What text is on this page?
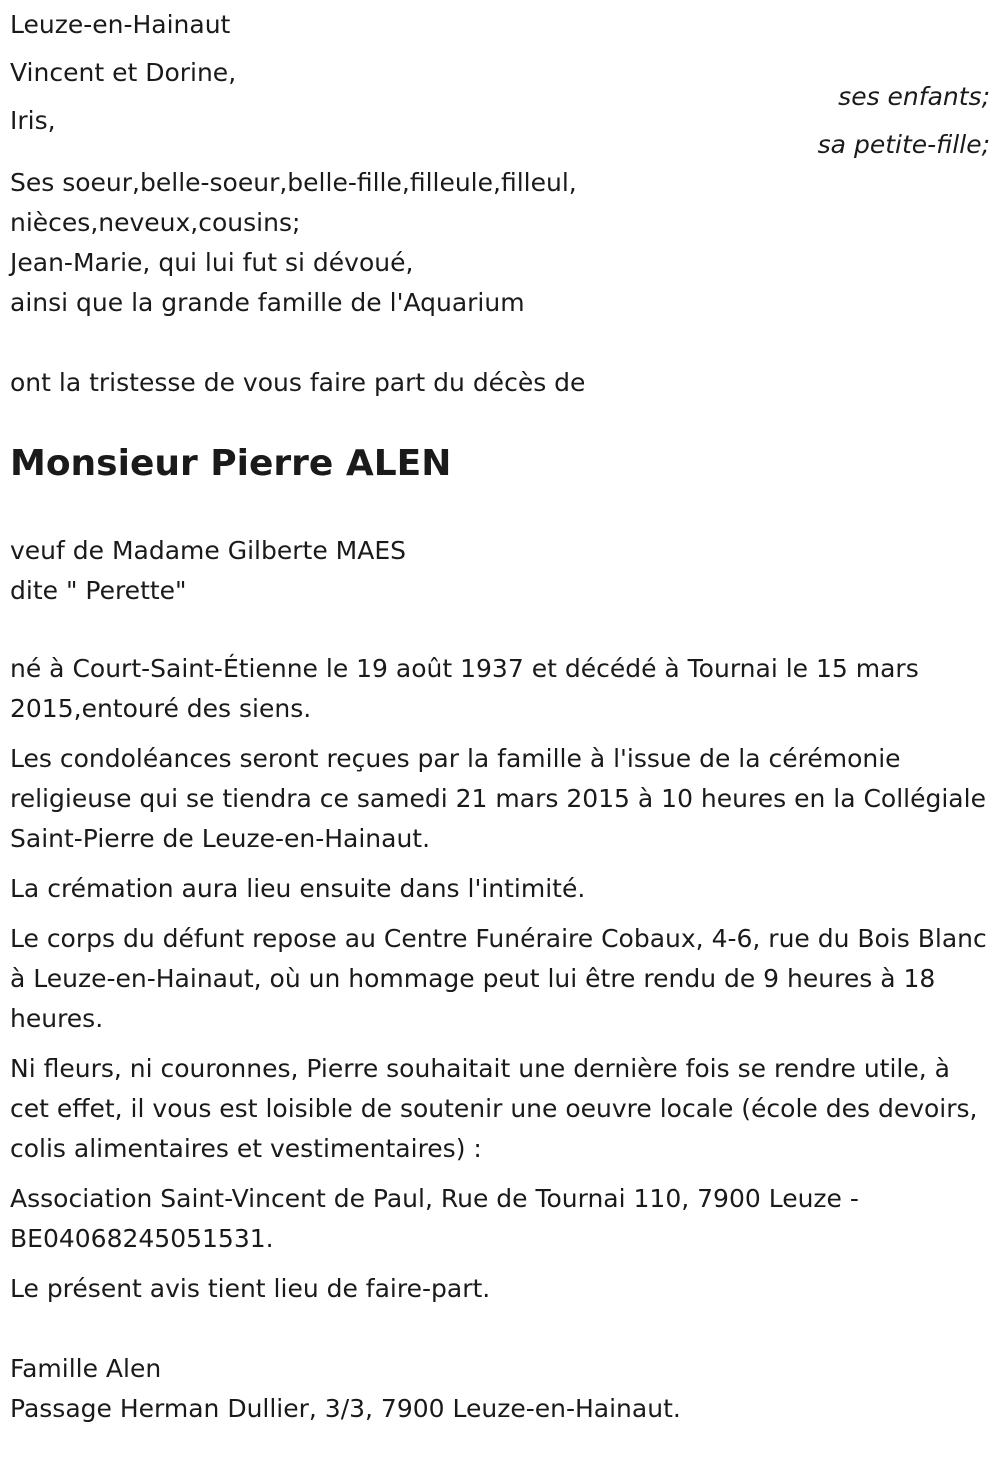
Leuze-en-Hainaut
Vincent et Dorine,
ses enfants;
Iris,
sa petite-fille;
Ses soeur,belle-soeur,belle-fille,filleule,filleul,
nièces,neveux,cousins;
Jean-Marie, qui lui fut si dévoué,
ainsi que la grande famille de l'Aquarium
ont la tristesse de vous faire part du décès de
Monsieur Pierre ALEN
veuf de Madame Gilberte MAES
dite " Perette"

né à Court-Saint-Étienne le 19 août 1937 et décédé à Tournai le 15 mars 2015,entouré des siens.

Les condoléances seront reçues par la famille à l'issue de la cérémonie religieuse qui se tiendra ce samedi 21 mars 2015 à 10 heures en la Collégiale Saint-Pierre de Leuze-en-Hainaut.

La crémation aura lieu ensuite dans l'intimité.

Le corps du défunt repose au Centre Funéraire Cobaux, 4-6, rue du Bois Blanc à Leuze-en-Hainaut, où un hommage peut lui être rendu de 9 heures à 18 heures.

Ni fleurs, ni couronnes, Pierre souhaitait une dernière fois se rendre utile, à cet effet, il vous est loisible de soutenir une oeuvre locale (école des devoirs, colis alimentaires et vestimentaires) :

Association Saint-Vincent de Paul, Rue de Tournai 110, 7900 Leuze - BE04068245051531.

Le présent avis tient lieu de faire-part.

Famille Alen
Passage Herman Dullier, 3/3, 7900 Leuze-en-Hainaut.
